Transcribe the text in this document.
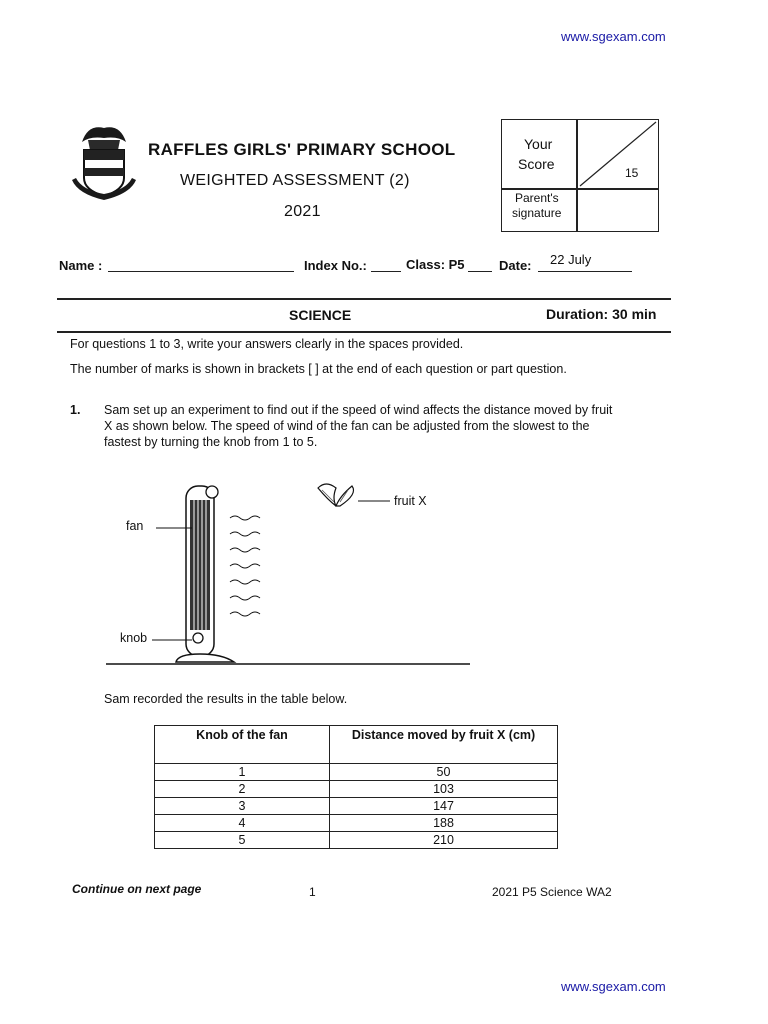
www.sgexam.com
RAFFLES GIRLS' PRIMARY SCHOOL
WEIGHTED ASSESSMENT (2)
2021
Your
Score
15
Parent's
signature
Name :	Index No.:	Class: P5	Date: 22 July
SCIENCE	Duration: 30 min
For questions 1 to 3, write your answers clearly in the spaces provided.
The number of marks is shown in brackets [ ] at the end of each question or part question.
1. Sam set up an experiment to find out if the speed of wind affects the distance moved by fruit
X as shown below. The speed of wind of the fan can be adjusted from the slowest to the
fastest by turning the knob from 1 to 5.
fan
knob
fruit X
Sam recorded the results in the table below.
Knob of the fan	Distance moved by fruit X (cm)
1	50
2	103
3	147
4	188
5	210
Continue on next page	1	2021 P5 Science WA2
www.sgexam.com
